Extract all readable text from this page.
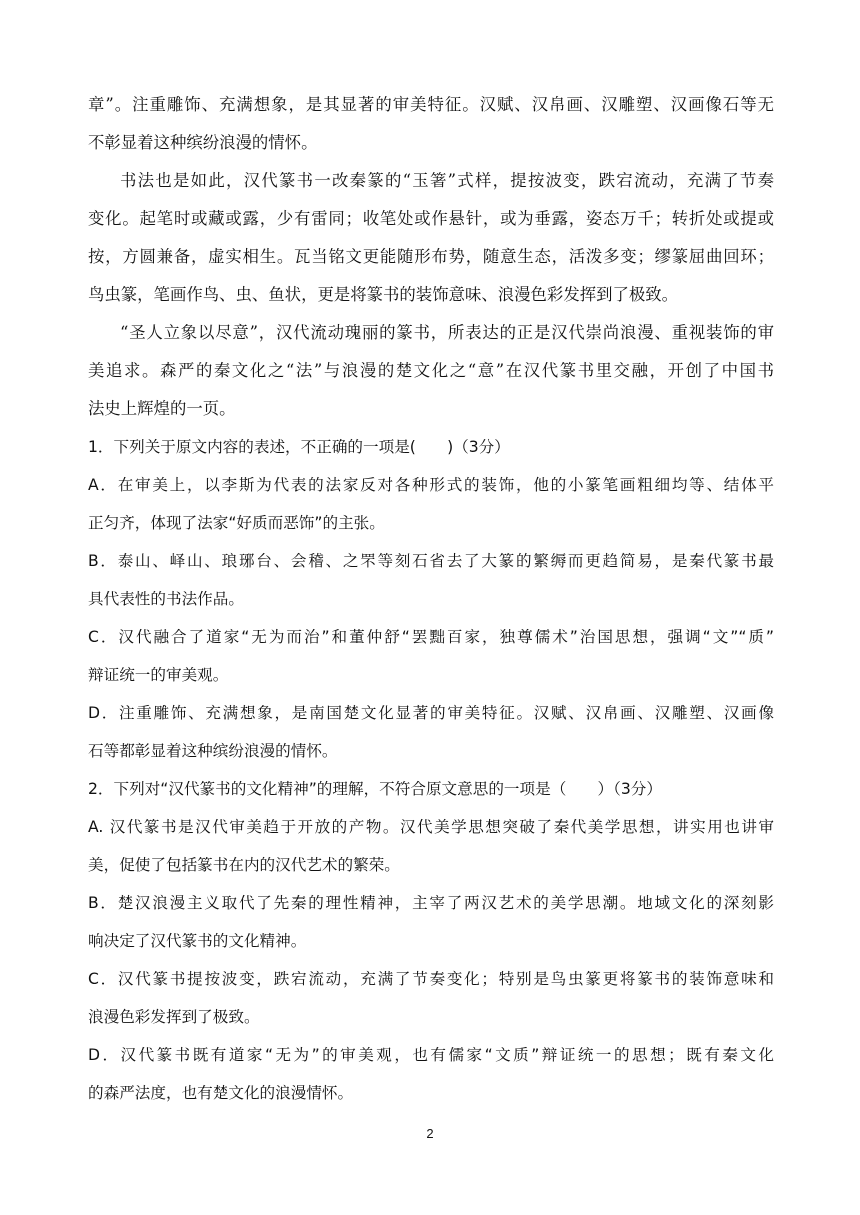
章”。注重雕饰、充满想象，是其显著的审美特征。汉赋、汉帛画、汉雕塑、汉画像石等无
不彰显着这种缤纷浪漫的情怀。
书法也是如此，汉代篆书一改秦篆的“玉箸”式样，提按波变，跌宕流动，充满了节奏
变化。起笔时或藏或露，少有雷同；收笔处或作悬针，或为垂露，姿态万千；转折处或提或
按，方圆兼备，虚实相生。瓦当铭文更能随形布势，随意生态，活泼多变；缪篆屈曲回环；
鸟虫篆，笔画作鸟、虫、鱼状，更是将篆书的装饰意味、浪漫色彩发挥到了极致。
“圣人立象以尽意”，汉代流动瑰丽的篆书，所表达的正是汉代崇尚浪漫、重视装饰的审
美追求。森严的秦文化之“法”与浪漫的楚文化之“意”在汉代篆书里交融，开创了中国书
法史上辉煌的一页。
1．下列关于原文内容的表述，不正确的一项是(　　)（3分）
A．在审美上，以李斯为代表的法家反对各种形式的装饰，他的小篆笔画粗细均等、结体平
正匀齐，体现了法家“好质而恶饰”的主张。
B．泰山、峄山、琅琊台、会稽、之罘等刻石省去了大篆的繁缛而更趋简易，是秦代篆书最
具代表性的书法作品。
C．汉代融合了道家“无为而治”和董仲舒“罢黜百家，独尊儒术”治国思想，强调“文”“质”
辩证统一的审美观。
D．注重雕饰、充满想象，是南国楚文化显著的审美特征。汉赋、汉帛画、汉雕塑、汉画像
石等都彰显着这种缤纷浪漫的情怀。
2．下列对“汉代篆书的文化精神”的理解，不符合原文意思的一项是（　　）（3分）
A. 汉代篆书是汉代审美趋于开放的产物。汉代美学思想突破了秦代美学思想，讲实用也讲审
美，促使了包括篆书在内的汉代艺术的繁荣。
B．楚汉浪漫主义取代了先秦的理性精神，主宰了两汉艺术的美学思潮。地域文化的深刻影
响决定了汉代篆书的文化精神。
C．汉代篆书提按波变，跌宕流动，充满了节奏变化；特别是鸟虫篆更将篆书的装饰意味和
浪漫色彩发挥到了极致。
D．汉代篆书既有道家“无为”的审美观，也有儒家“文质”辩证统一的思想；既有秦文化
的森严法度，也有楚文化的浪漫情怀。
2
